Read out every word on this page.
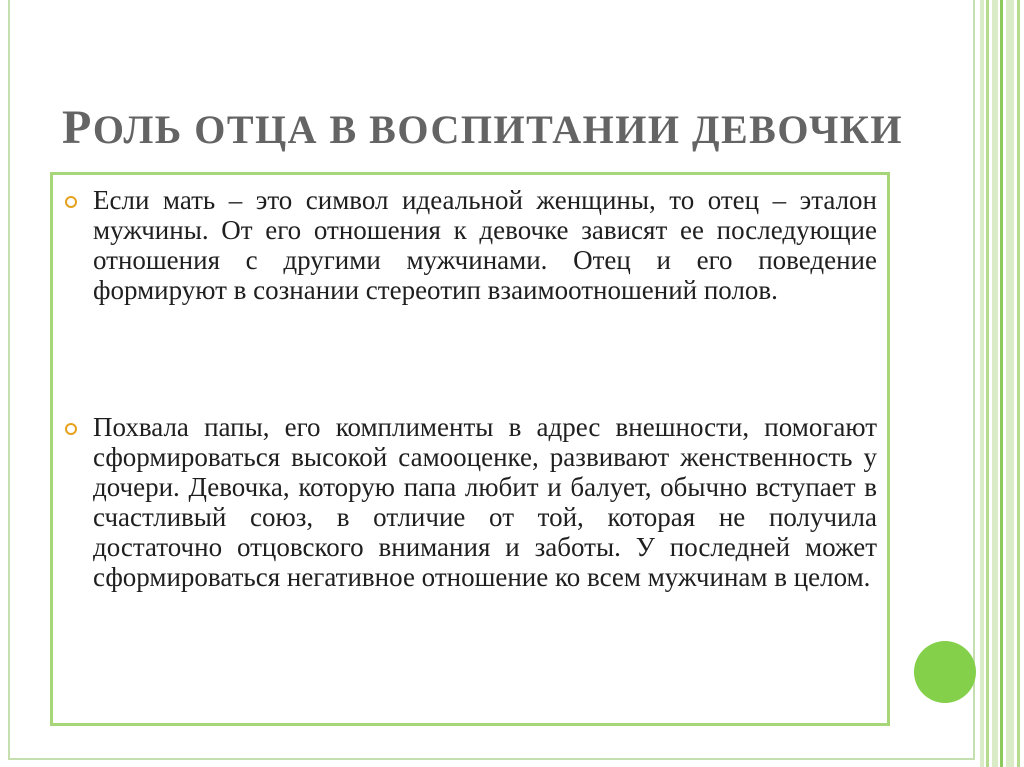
РОЛЬ ОТЦА В ВОСПИТАНИИ ДЕВОЧКИ
Если мать – это символ идеальной женщины, то отец – эталон мужчины. От его отношения к девочке зависят ее последующие отношения с другими мужчинами. Отец и его поведение формируют в сознании стереотип взаимоотношений полов.
Похвала папы, его комплименты в адрес внешности, помогают сформироваться высокой самооценке, развивают женственность у дочери. Девочка, которую папа любит и балует, обычно вступает в счастливый союз, в отличие от той, которая не получила достаточно отцовского внимания и заботы. У последней может сформироваться негативное отношение ко всем мужчинам в целом.
